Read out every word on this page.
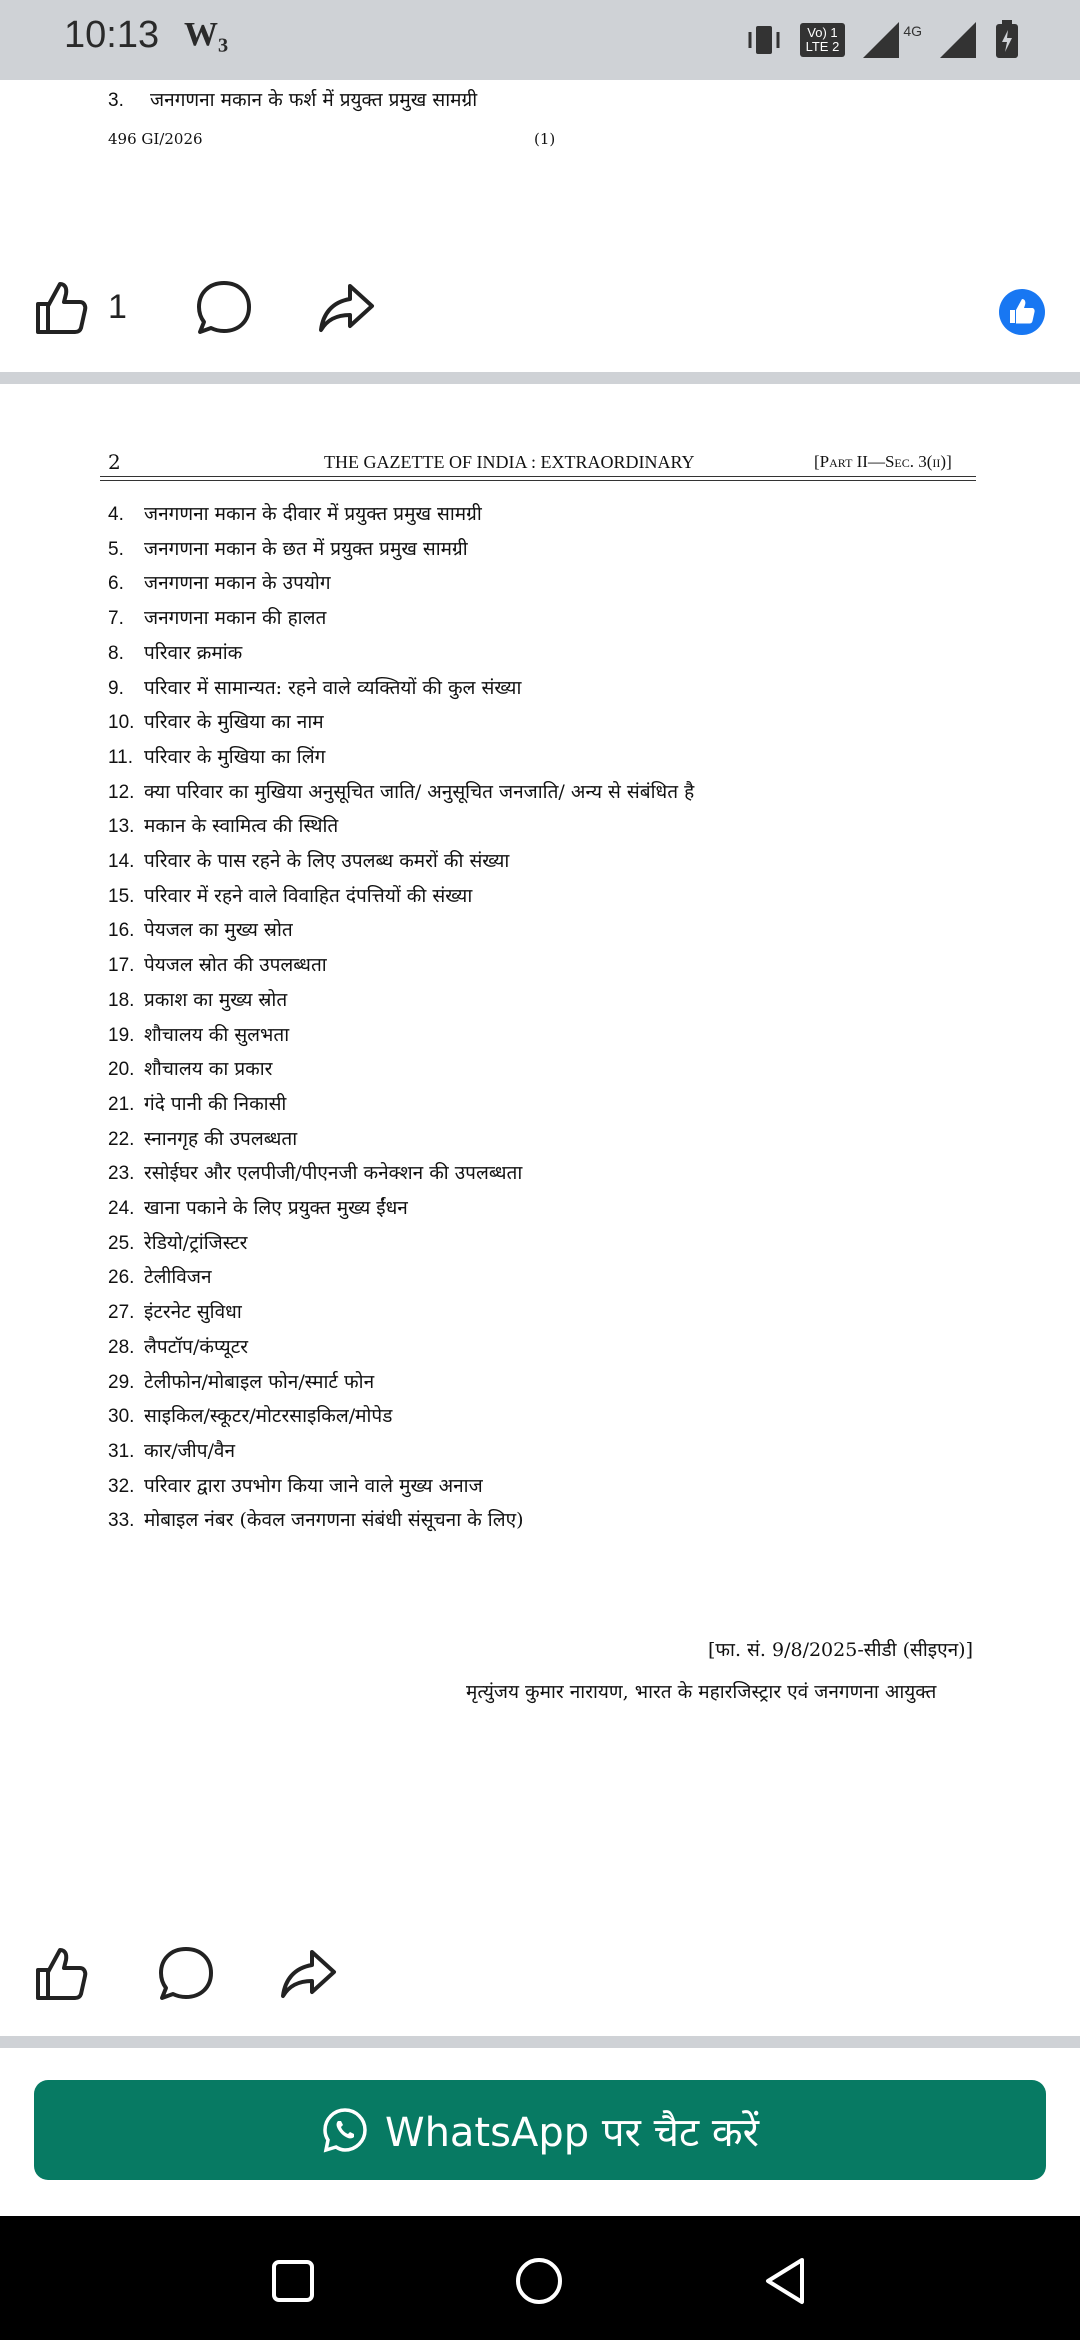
10:13 W₃	Vo) 1
LTE 2
4G
3. जनगणना मकान के फर्श में प्रयुक्त प्रमुख सामग्री
496 GI/2026	(1)
1
2	THE GAZETTE OF INDIA : EXTRAORDINARY	[Part II—Sec. 3(ii)]
4. जनगणना मकान के दीवार में प्रयुक्त प्रमुख सामग्री
5. जनगणना मकान के छत में प्रयुक्त प्रमुख सामग्री
6. जनगणना मकान के उपयोग
7. जनगणना मकान की हालत
8. परिवार क्रमांक
9. परिवार में सामान्यत: रहने वाले व्यक्तियों की कुल संख्या
10. परिवार के मुखिया का नाम
11. परिवार के मुखिया का लिंग
12. क्या परिवार का मुखिया अनुसूचित जाति/ अनुसूचित जनजाति/ अन्य से संबंधित है
13. मकान के स्वामित्व की स्थिति
14. परिवार के पास रहने के लिए उपलब्ध कमरों की संख्या
15. परिवार में रहने वाले विवाहित दंपत्तियों की संख्या
16. पेयजल का मुख्य स्रोत
17. पेयजल स्रोत की उपलब्धता
18. प्रकाश का मुख्य स्रोत
19. शौचालय की सुलभता
20. शौचालय का प्रकार
21. गंदे पानी की निकासी
22. स्नानगृह की उपलब्धता
23. रसोईघर और एलपीजी/पीएनजी कनेक्शन की उपलब्धता
24. खाना पकाने के लिए प्रयुक्त मुख्य ईंधन
25. रेडियो/ट्रांजिस्टर
26. टेलीविजन
27. इंटरनेट सुविधा
28. लैपटॉप/कंप्यूटर
29. टेलीफोन/मोबाइल फोन/स्मार्ट फोन
30. साइकिल/स्कूटर/मोटरसाइकिल/मोपेड
31. कार/जीप/वैन
32. परिवार द्वारा उपभोग किया जाने वाले मुख्य अनाज
33. मोबाइल नंबर (केवल जनगणना संबंधी संसूचना के लिए)
[फा. सं. 9/8/2025-सीडी (सीइएन)]
मृत्युंजय कुमार नारायण, भारत के महारजिस्ट्रार एवं जनगणना आयुक्त
WhatsApp पर चैट करें
